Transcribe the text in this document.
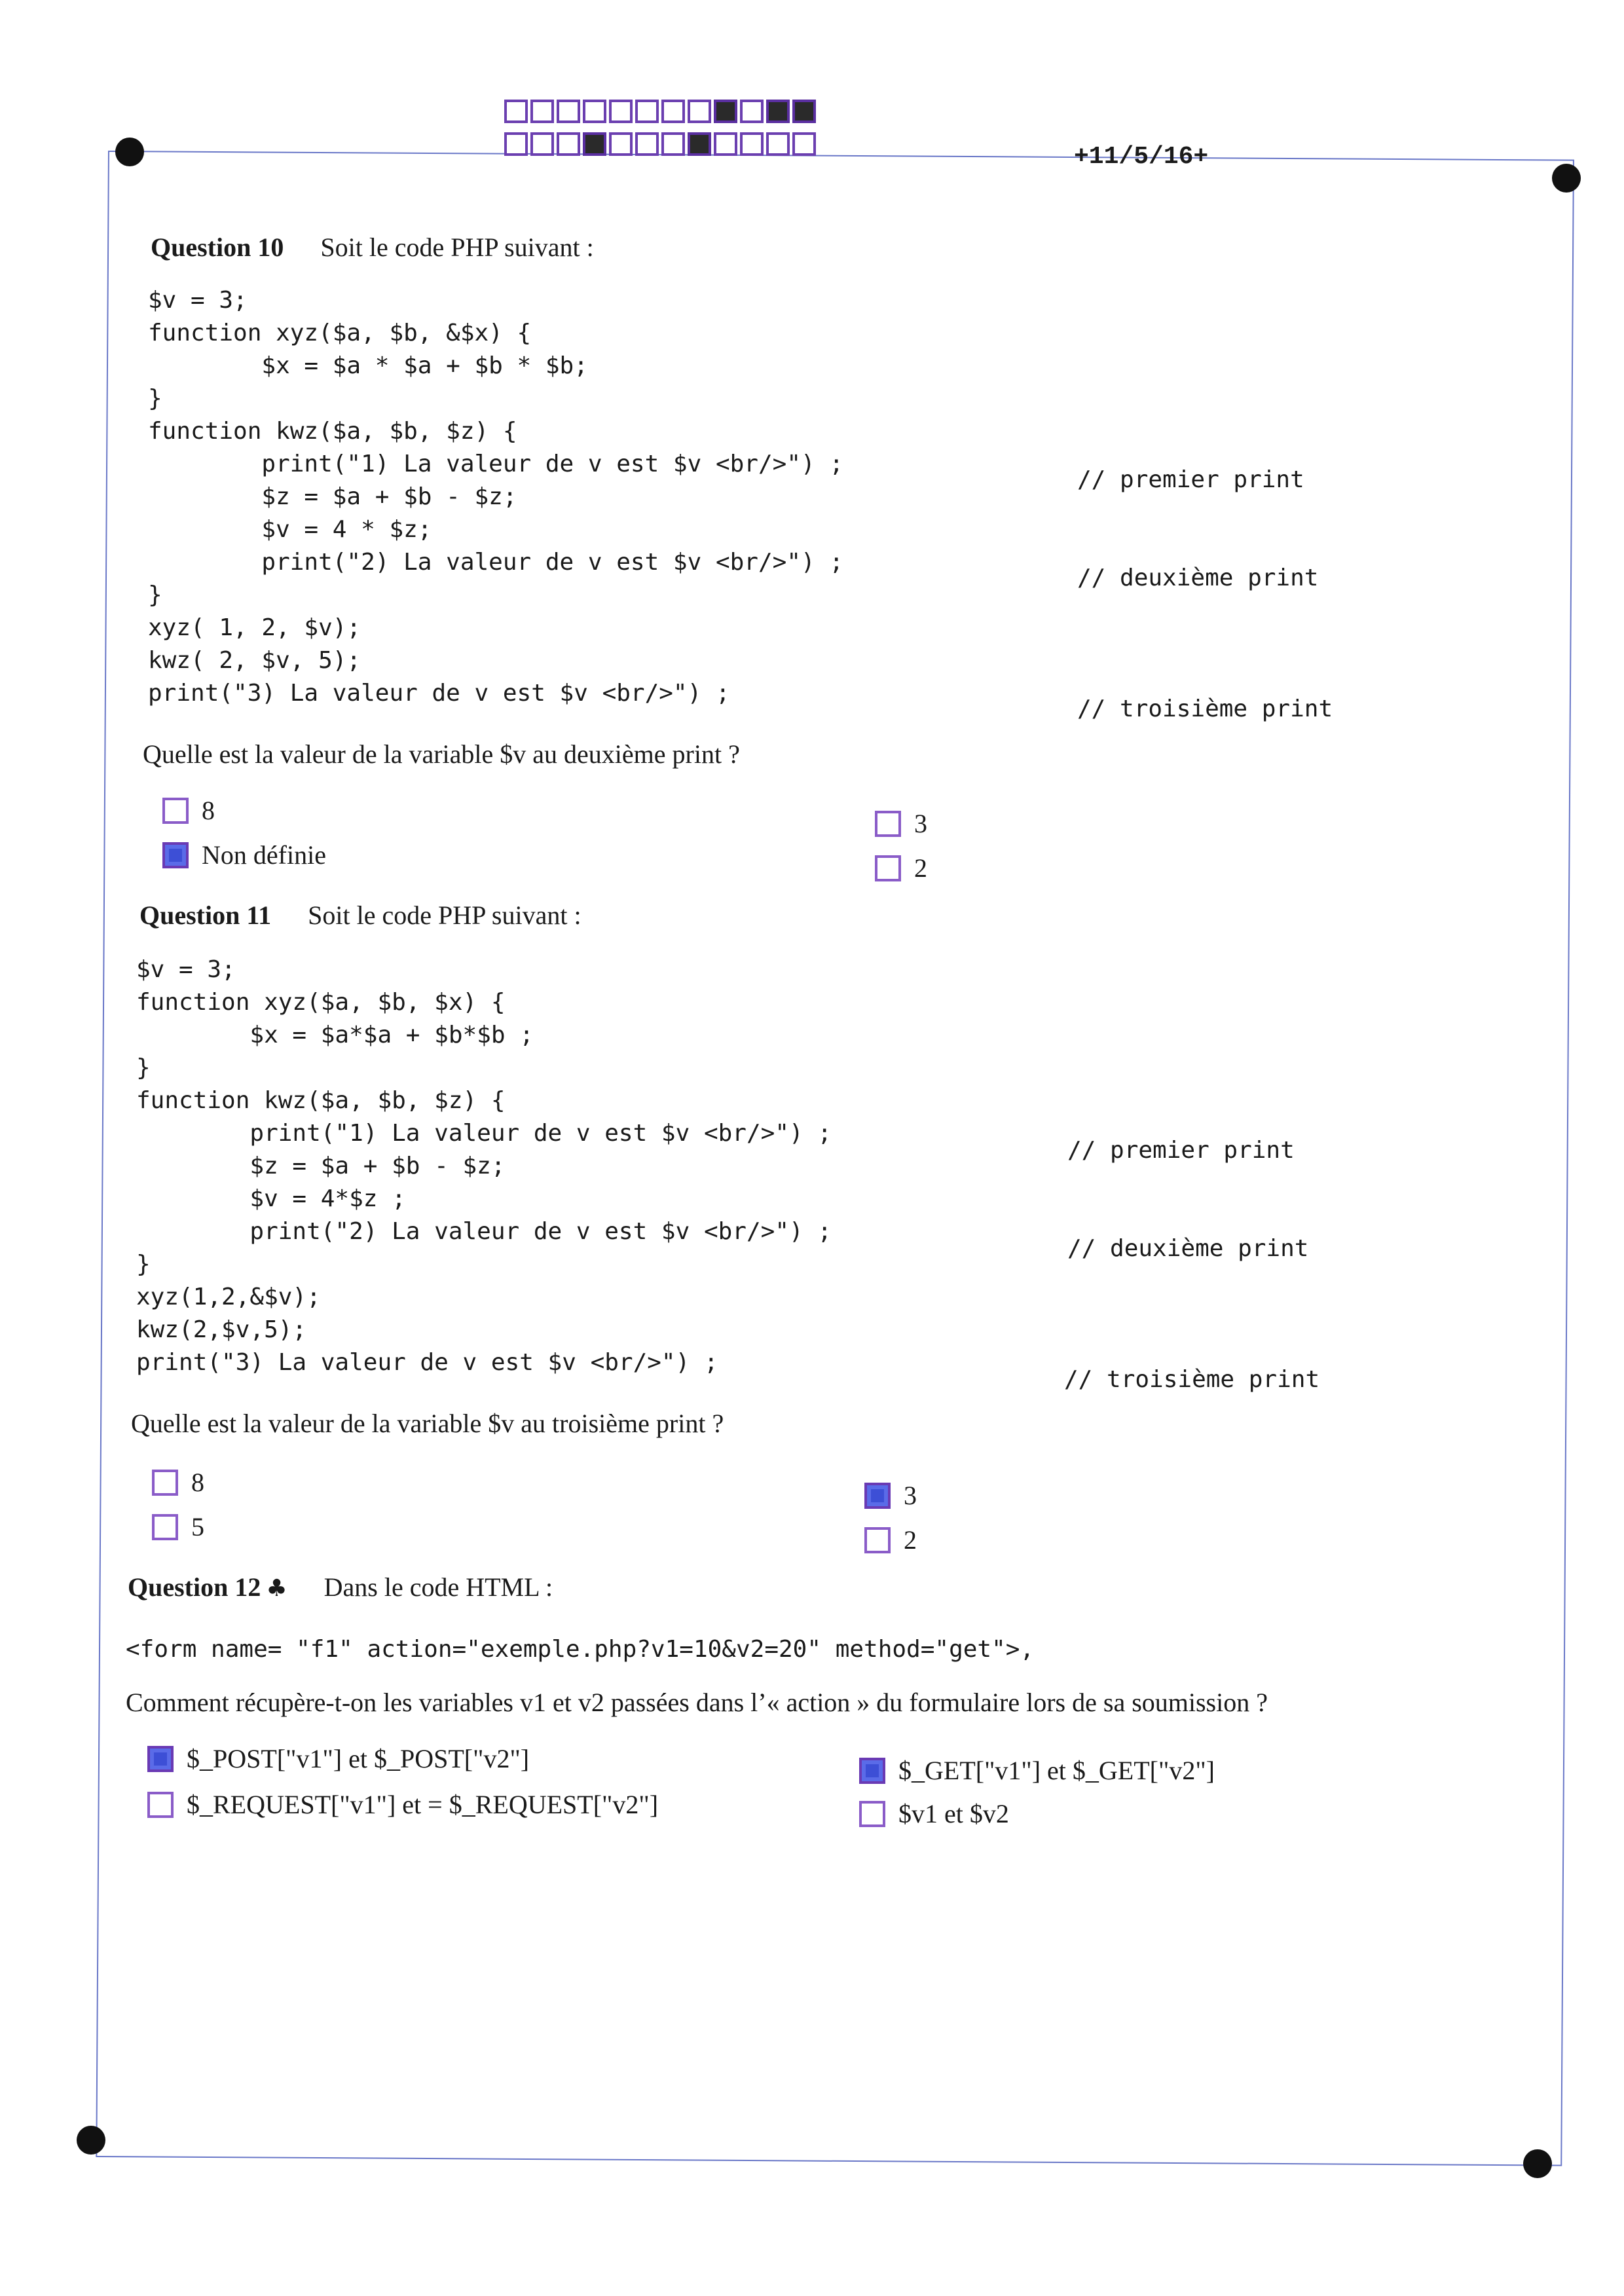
+11/5/16+
Question 10 Soit le code PHP suivant :
$v = 3;
function xyz($a, $b, &$x) {
$x = $a * $a + $b * $b;
}
function kwz($a, $b, $z) {
print("1) La valeur de v est $v <br/>") ;
$z = $a + $b - $z;
$v = 4 * $z;
print("2) La valeur de v est $v <br/>") ;
}
xyz( 1, 2, $v);
kwz( 2, $v, 5);
print("3) La valeur de v est $v <br/>") ;
// premier print
// deuxième print
// troisième print
Quelle est la valeur de la variable $v au deuxième print ?
8
Non définie
3
2
Question 11 Soit le code PHP suivant :
$v = 3;
function xyz($a, $b, $x) {
$x = $a*$a + $b*$b ;
}
function kwz($a, $b, $z) {
print("1) La valeur de v est $v <br/>") ;
$z = $a + $b - $z;
$v = 4*$z ;
print("2) La valeur de v est $v <br/>") ;
}
xyz(1,2,&$v);
kwz(2,$v,5);
print("3) La valeur de v est $v <br/>") ;
// premier print
// deuxième print
// troisième print
Quelle est la valeur de la variable $v au troisième print ?
8
5
3
2
Question 12 ♣ Dans le code HTML :
<form name= "f1" action="exemple.php?v1=10&v2=20" method="get">,
Comment récupère-t-on les variables v1 et v2 passées dans l’« action » du formulaire lors de sa soumission ?
$_POST["v1"] et $_POST["v2"]
$_REQUEST["v1"] et = $_REQUEST["v2"]
$_GET["v1"] et $_GET["v2"]
$v1 et $v2
